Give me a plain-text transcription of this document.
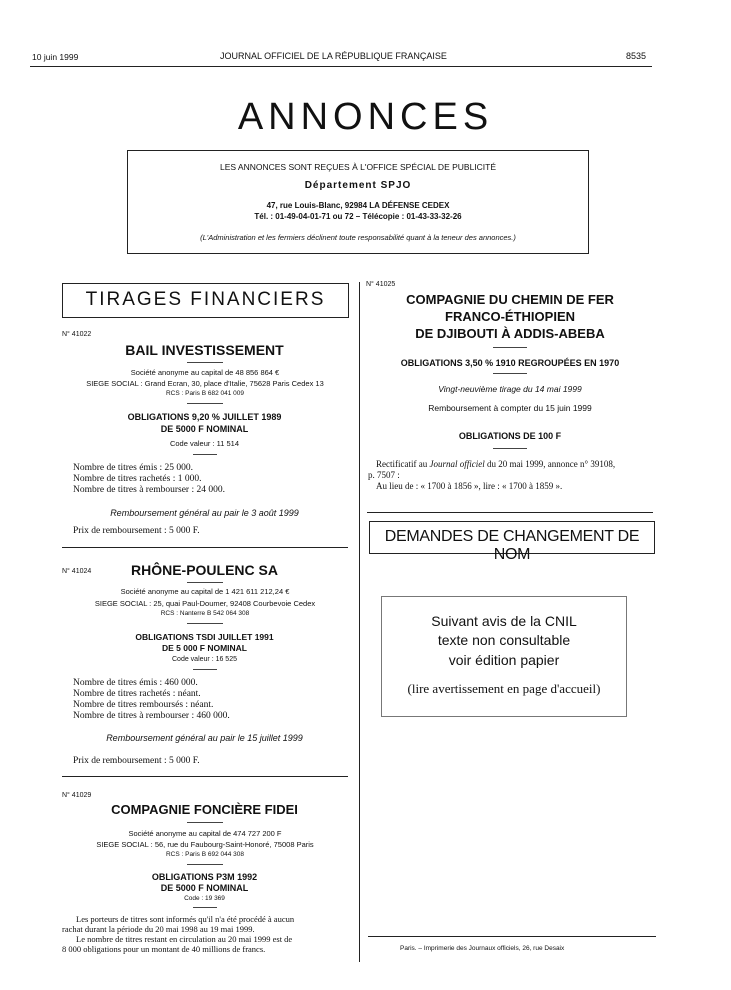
10 juin 1999	JOURNAL OFFICIEL DE LA RÉPUBLIQUE FRANÇAISE	8535
ANNONCES
LES ANNONCES SONT REÇUES À L'OFFICE SPÉCIAL DE PUBLICITÉ
Département SPJO
47, rue Louis-Blanc, 92984 LA DÉFENSE CEDEX
Tél. : 01-49-04-01-71 ou 72 – Télécopie : 01-43-33-32-26
(L'Administration et les fermiers déclinent toute responsabilité quant à la teneur des annonces.)
TIRAGES FINANCIERS
N° 41022
BAIL INVESTISSEMENT
Société anonyme au capital de 48 856 864 €
SIEGE SOCIAL : Grand Ecran, 30, place d'Italie, 75628 Paris Cedex 13
RCS : Paris B 682 041 009
OBLIGATIONS 9,20 % JUILLET 1989
DE 5000 F NOMINAL
Code valeur : 11 514
Nombre de titres émis : 25 000.
Nombre de titres rachetés : 1 000.
Nombre de titres à rembourser : 24 000.
Remboursement général au pair le 3 août 1999
Prix de remboursement : 5 000 F.
N° 41024	RHÔNE-POULENC SA
Société anonyme au capital de 1 421 611 212,24 €
SIEGE SOCIAL : 25, quai Paul-Doumer, 92408 Courbevoie Cedex
RCS : Nanterre B 542 064 308
OBLIGATIONS TSDI JUILLET 1991
DE 5 000 F NOMINAL
Code valeur : 16 525
Nombre de titres émis : 460 000.
Nombre de titres rachetés : néant.
Nombre de titres remboursés : néant.
Nombre de titres à rembourser : 460 000.
Remboursement général au pair le 15 juillet 1999
Prix de remboursement : 5 000 F.
N° 41029
COMPAGNIE FONCIÈRE FIDEI
Société anonyme au capital de 474 727 200 F
SIEGE SOCIAL : 56, rue du Faubourg-Saint-Honoré, 75008 Paris
RCS : Paris B 692 044 308
OBLIGATIONS P3M 1992
DE 5000 F NOMINAL
Code : 19 369
Les porteurs de titres sont informés qu'il n'a été procédé à aucun
rachat durant la période du 20 mai 1998 au 19 mai 1999.
Le nombre de titres restant en circulation au 20 mai 1999 est de
8 000 obligations pour un montant de 40 millions de francs.
N° 41025
COMPAGNIE DU CHEMIN DE FER
FRANCO-ÉTHIOPIEN
DE DJIBOUTI À ADDIS-ABEBA
OBLIGATIONS 3,50 % 1910 REGROUPÉES EN 1970
Vingt-neuvième tirage du 14 mai 1999
Remboursement à compter du 15 juin 1999
OBLIGATIONS DE 100 F
Rectificatif au Journal officiel du 20 mai 1999, annonce n° 39108,
p. 7507 :
Au lieu de : « 1700 à 1856 », lire : « 1700 à 1859 ».
DEMANDES DE CHANGEMENT DE NOM
Suivant avis de la CNIL
texte non consultable
voir édition papier
(lire avertissement en page d'accueil)
Paris. – Imprimerie des Journaux officiels, 26, rue Desaix
